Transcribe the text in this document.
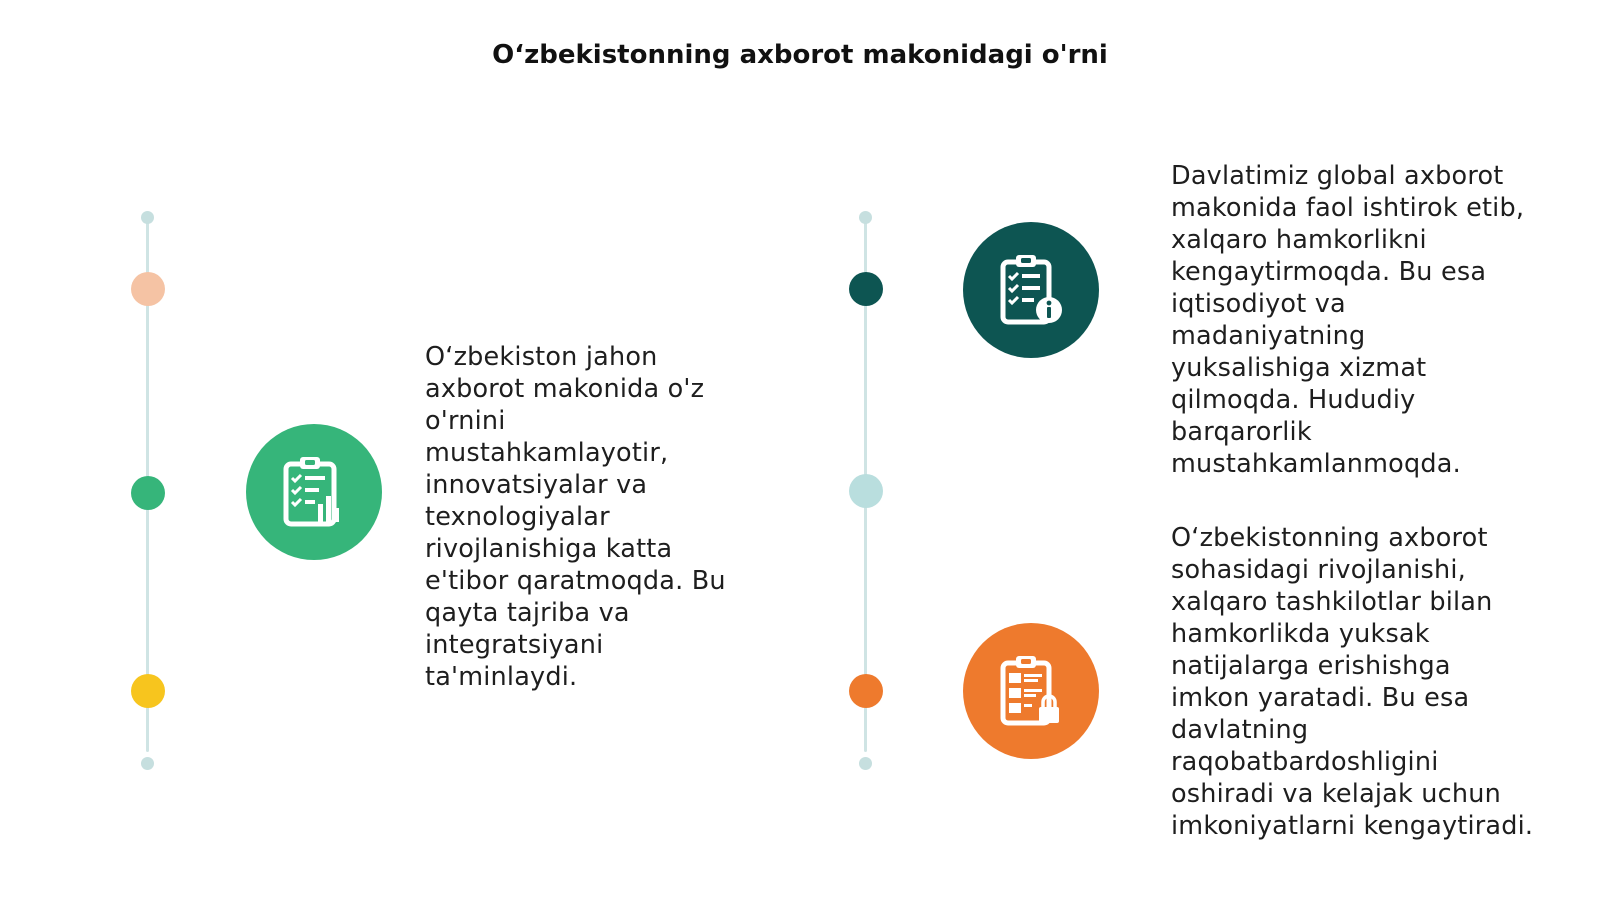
O‘zbekistonning axborot makonidagi o'rni
O‘zbekiston jahon
axborot makonida o'z
o'rnini
mustahkamlayotir,
innovatsiyalar va
texnologiyalar
rivojlanishiga katta
e'tibor qaratmoqda. Bu
qayta tajriba va
integratsiyani
ta'minlaydi.
Davlatimiz global axborot
makonida faol ishtirok etib,
xalqaro hamkorlikni
kengaytirmoqda. Bu esa
iqtisodiyot va
madaniyatning
yuksalishiga xizmat
qilmoqda. Hududiy
barqarorlik
mustahkamlanmoqda.
O‘zbekistonning axborot
sohasidagi rivojlanishi,
xalqaro tashkilotlar bilan
hamkorlikda yuksak
natijalarga erishishga
imkon yaratadi. Bu esa
davlatning
raqobatbardoshligini
oshiradi va kelajak uchun
imkoniyatlarni kengaytiradi.
